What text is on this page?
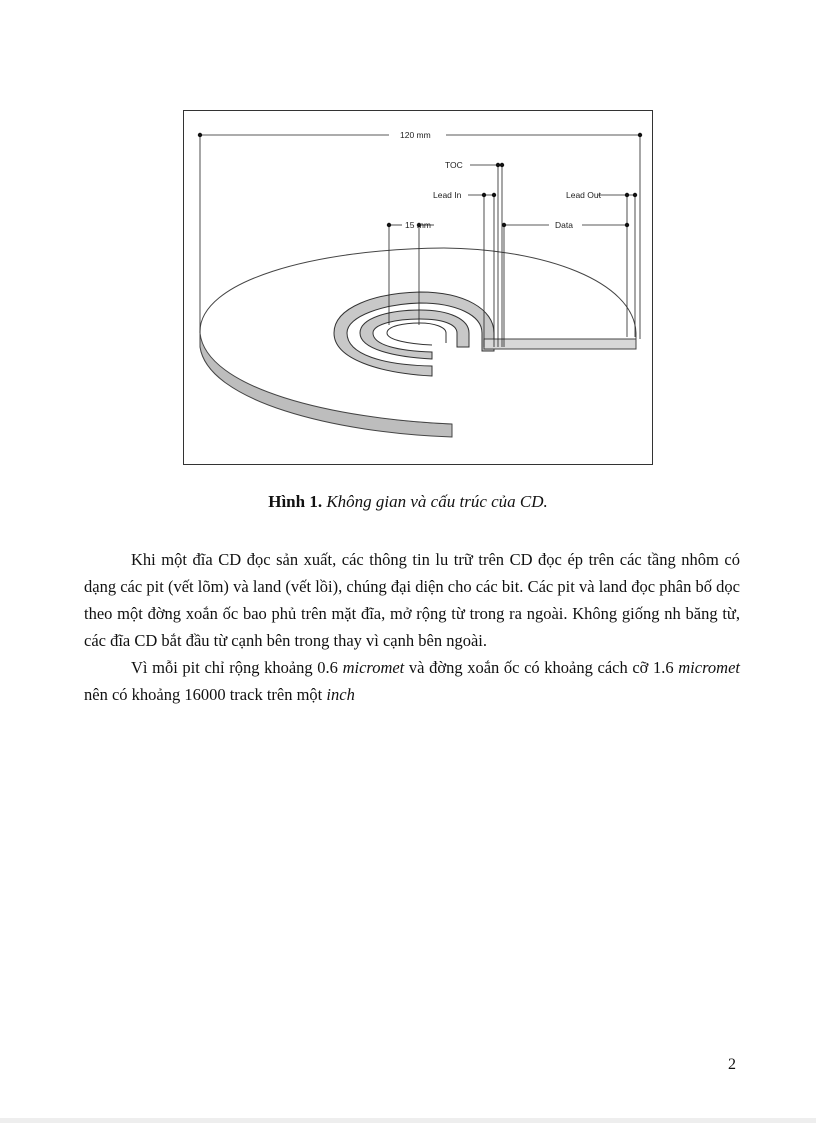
120 mm
15 mm
TOC
Lead In	Lead Out
Data
Hình 1. Không gian và cấu trúc của CD.

Khi một đĩa CD đọc sản xuất, các thông tin lu trữ trên CD đọc ép trên các tầng nhôm có dạng các pit (vết lõm) và land (vết lồi), chúng đại diện cho các bit. Các pit và land đọc phân bố dọc theo một đờng xoắn ốc bao phủ trên mặt đĩa, mở rộng từ trong ra ngoài. Không giống nh băng từ, các đĩa CD bắt đầu từ cạnh bên trong thay vì cạnh bên ngoài.

Vì mỗi pit chỉ rộng khoảng 0.6 micromet và đờng xoắn ốc có khoảng cách cỡ 1.6 micromet nên có khoảng 16000 track trên một inch

2
